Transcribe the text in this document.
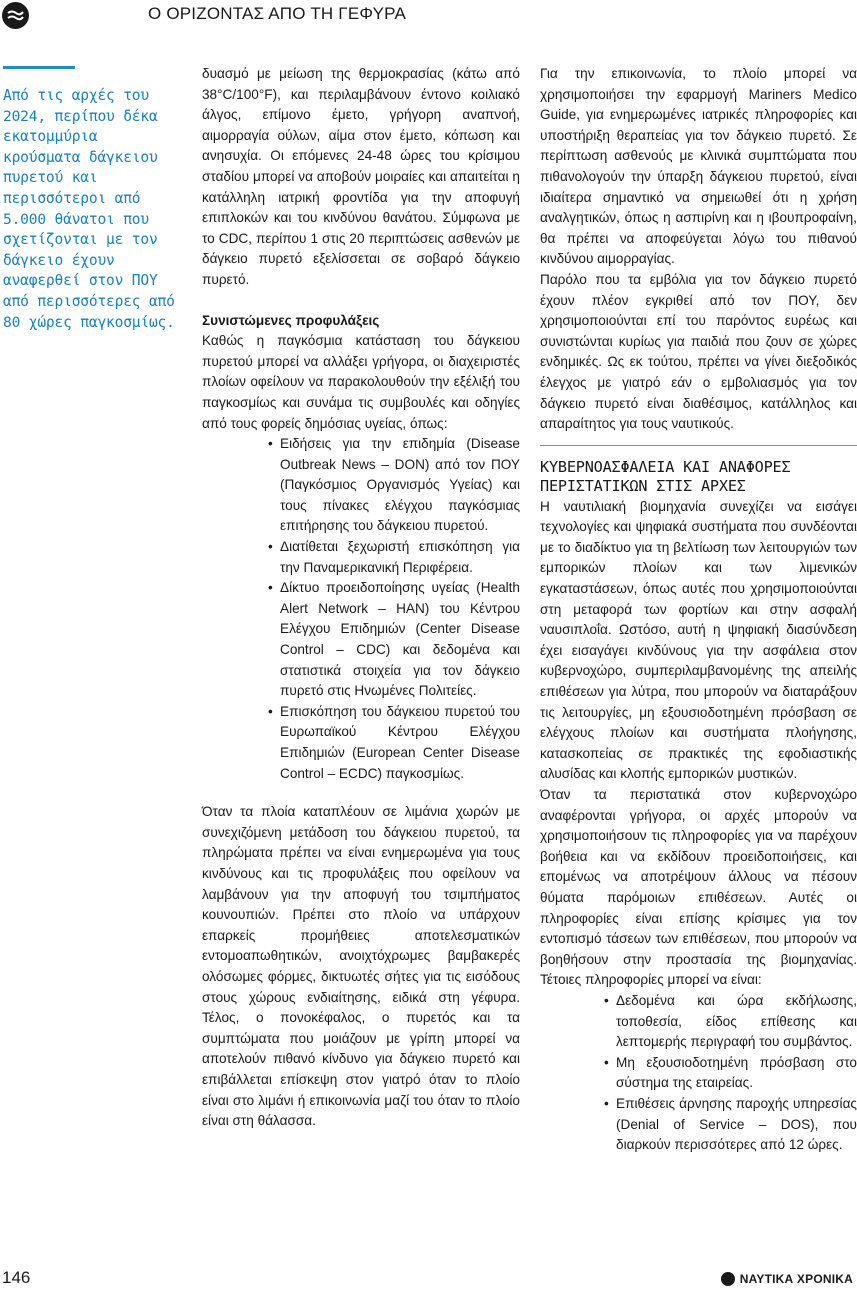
Ο ΟΡΙΖΟΝΤΑΣ ΑΠΟ ΤΗ ΓΕΦΥΡΑ
Από τις αρχές του 2024, περίπου δέκα εκατομμύρια κρούσματα δάγκειου πυρετού και περισσότεροι από 5.000 θάνατοι που σχετίζονται με τον δάγκειο έχουν αναφερθεί στον ΠΟΥ από περισσότερες από 80 χώρες παγκοσμίως.

δυασμό με μείωση της θερμοκρασίας (κάτω από 38°C/100°F), και περιλαμβάνουν έντονο κοιλιακό άλγος, επίμονο έμετο, γρήγορη αναπνοή, αιμορραγία ούλων, αίμα στον έμετο, κόπωση και ανησυχία. Οι επόμενες 24-48 ώρες του κρίσιμου σταδίου μπορεί να αποβούν μοιραίες και απαιτείται η κατάλληλη ιατρική φροντίδα για την αποφυγή επιπλοκών και του κινδύνου θανάτου. Σύμφωνα με το CDC, περίπου 1 στις 20 περιπτώσεις ασθενών με δάγκειο πυρετό εξελίσσεται σε σοβαρό δάγκειο πυρετό.

Συνιστώμενες προφυλάξεις

Καθώς η παγκόσμια κατάσταση του δάγκειου πυρετού μπορεί να αλλάξει γρήγορα, οι διαχειριστές πλοίων οφείλουν να παρακολουθούν την εξέλιξή του παγκοσμίως και συνάμα τις συμβουλές και οδηγίες από τους φορείς δημόσιας υγείας, όπως:

• Ειδήσεις για την επιδημία (Disease Outbreak News – DON) από τον ΠΟΥ (Παγκόσμιος Οργανισμός Υγείας) και τους πίνακες ελέγχου παγκόσμιας επιτήρησης του δάγκειου πυρετού.
• Διατίθεται ξεχωριστή επισκόπηση για την Παναμερικανική Περιφέρεια.
• Δίκτυο προειδοποίησης υγείας (Health Alert Network – HAN) του Κέντρου Ελέγχου Επιδημιών (Center Disease Control – CDC) και δεδομένα και στατιστικά στοιχεία για τον δάγκειο πυρετό στις Ηνωμένες Πολιτείες.
• Επισκόπηση του δάγκειου πυρετού του Ευρωπαϊκού Κέντρου Ελέγχου Επιδημιών (European Center Disease Control – ECDC) παγκοσμίως.

Όταν τα πλοία καταπλέουν σε λιμάνια χωρών με συνεχιζόμενη μετάδοση του δάγκειου πυρετού, τα πληρώματα πρέπει να είναι ενημερωμένα για τους κινδύνους και τις προφυλάξεις που οφείλουν να λαμβάνουν για την αποφυγή του τσιμπήματος κουνουπιών. Πρέπει στο πλοίο να υπάρχουν επαρκείς προμήθειες αποτελεσματικών εντομοαπωθητικών, ανοιχτόχρωμες βαμβακερές ολόσωμες φόρμες, δικτυωτές σήτες για τις εισόδους στους χώρους ενδιαίτησης, ειδικά στη γέφυρα. Τέλος, ο πονοκέφαλος, ο πυρετός και τα συμπτώματα που μοιάζουν με γρίπη μπορεί να αποτελούν πιθανό κίνδυνο για δάγκειο πυρετό και επιβάλλεται επίσκεψη στον γιατρό όταν το πλοίο είναι στο λιμάνι ή επικοινωνία μαζί του όταν το πλοίο είναι στη θάλασσα.

Για την επικοινωνία, το πλοίο μπορεί να χρησιμοποιήσει την εφαρμογή Mariners Medico Guide, για ενημερωμένες ιατρικές πληροφορίες και υποστήριξη θεραπείας για τον δάγκειο πυρετό. Σε περίπτωση ασθενούς με κλινικά συμπτώματα που πιθανολογούν την ύπαρξη δάγκειου πυρετού, είναι ιδιαίτερα σημαντικό να σημειωθεί ότι η χρήση αναλγητικών, όπως η ασπιρίνη και η ιβουπροφαίνη, θα πρέπει να αποφεύγεται λόγω του πιθανού κινδύνου αιμορραγίας.

Παρόλο που τα εμβόλια για τον δάγκειο πυρετό έχουν πλέον εγκριθεί από τον ΠΟΥ, δεν χρησιμοποιούνται επί του παρόντος ευρέως και συνιστώνται κυρίως για παιδιά που ζουν σε χώρες ενδημικές. Ως εκ τούτου, πρέπει να γίνει διεξοδικός έλεγχος με γιατρό εάν ο εμβολιασμός για τον δάγκειο πυρετό είναι διαθέσιμος, κατάλληλος και απαραίτητος για τους ναυτικούς.

ΚΥΒΕΡΝΟΑΣΦΑΛΕΙΑ ΚΑΙ ΑΝΑΦΟΡΕΣ ΠΕΡΙΣΤΑΤΙΚΩΝ ΣΤΙΣ ΑΡΧΕΣ

Η ναυτιλιακή βιομηχανία συνεχίζει να εισάγει τεχνολογίες και ψηφιακά συστήματα που συνδέονται με το διαδίκτυο για τη βελτίωση των λειτουργιών των εμπορικών πλοίων και των λιμενικών εγκαταστάσεων, όπως αυτές που χρησιμοποιούνται στη μεταφορά των φορτίων και στην ασφαλή ναυσιπλοΐα. Ωστόσο, αυτή η ψηφιακή διασύνδεση έχει εισαγάγει κινδύνους για την ασφάλεια στον κυβερνοχώρο, συμπεριλαμβανομένης της απειλής επιθέσεων για λύτρα, που μπορούν να διαταράξουν τις λειτουργίες, μη εξουσιοδοτημένη πρόσβαση σε ελέγχους πλοίων και συστήματα πλοήγησης, κατασκοπείας σε πρακτικές της εφοδιαστικής αλυσίδας και κλοπής εμπορικών μυστικών.

Όταν τα περιστατικά στον κυβερνοχώρο αναφέρονται γρήγορα, οι αρχές μπορούν να χρησιμοποιήσουν τις πληροφορίες για να παρέχουν βοήθεια και να εκδίδουν προειδοποιήσεις, και επομένως να αποτρέψουν άλλους να πέσουν θύματα παρόμοιων επιθέσεων. Αυτές οι πληροφορίες είναι επίσης κρίσιμες για τον εντοπισμό τάσεων των επιθέσεων, που μπορούν να βοηθήσουν στην προστασία της βιομηχανίας. Τέτοιες πληροφορίες μπορεί να είναι:

• Δεδομένα και ώρα εκδήλωσης, τοποθεσία, είδος επίθεσης και λεπτομερής περιγραφή του συμβάντος.
• Μη εξουσιοδοτημένη πρόσβαση στο σύστημα της εταιρείας.
• Επιθέσεις άρνησης παροχής υπηρεσίας (Denial of Service – DOS), που διαρκούν περισσότερες από 12 ώρες.
146	ΝΑΥΤΙΚΑ ΧΡΟΝΙΚΑ
